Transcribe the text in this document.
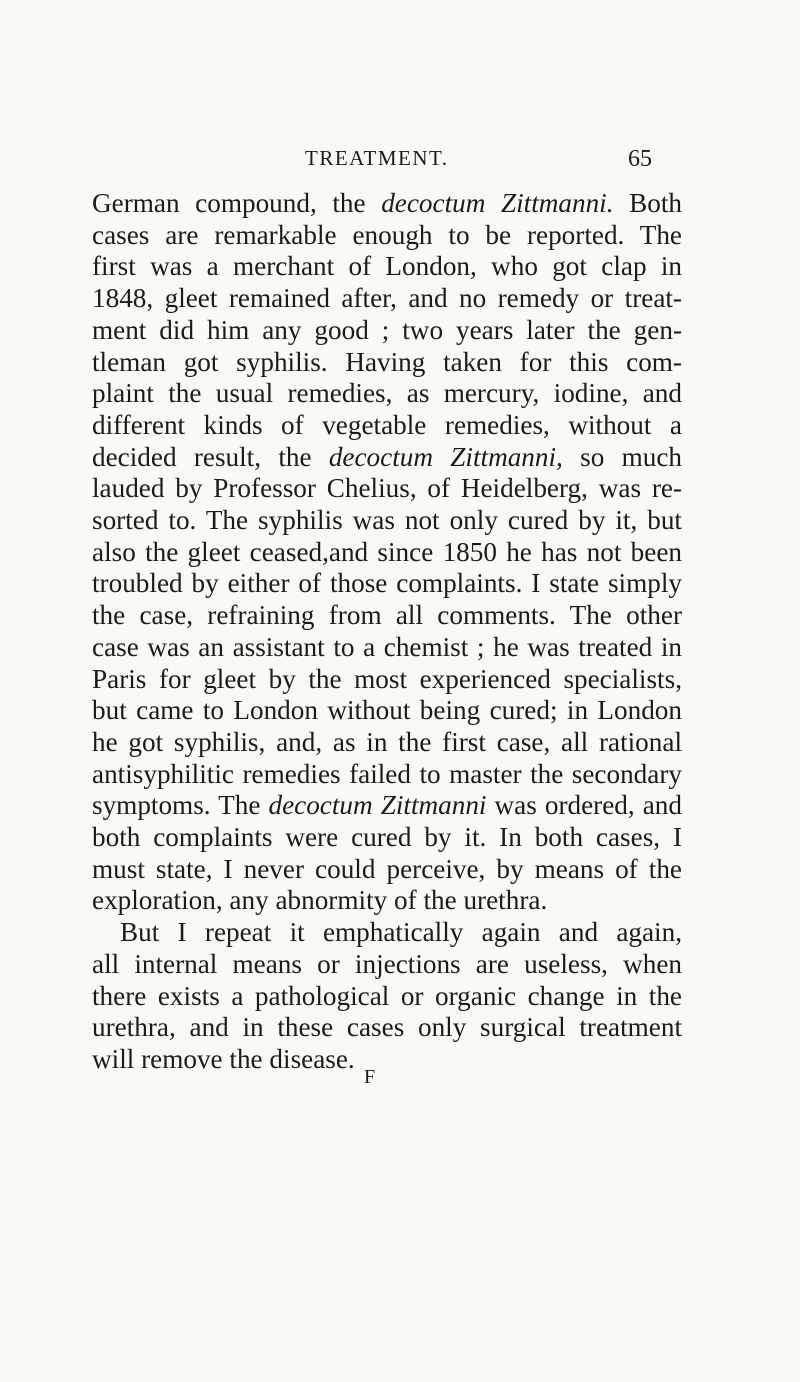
TREATMENT.	65
German compound, the decoctum Zittmanni. Both
cases are remarkable enough to be reported. The
first was a merchant of London, who got clap in
1848, gleet remained after, and no remedy or treat-
ment did him any good ; two years later the gen-
tleman got syphilis. Having taken for this com-
plaint the usual remedies, as mercury, iodine, and
different kinds of vegetable remedies, without a
decided result, the decoctum Zittmanni, so much
lauded by Professor Chelius, of Heidelberg, was re-
sorted to. The syphilis was not only cured by it, but
also the gleet ceased,and since 1850 he has not been
troubled by either of those complaints. I state simply
the case, refraining from all comments. The other
case was an assistant to a chemist ; he was treated in
Paris for gleet by the most experienced specialists,
but came to London without being cured; in London
he got syphilis, and, as in the first case, all rational
antisyphilitic remedies failed to master the secondary
symptoms. The decoctum Zittmanni was ordered, and
both complaints were cured by it. In both cases, I
must state, I never could perceive, by means of the
exploration, any abnormity of the urethra.
But I repeat it emphatically again and again,
all internal means or injections are useless, when
there exists a pathological or organic change in the
urethra, and in these cases only surgical treatment
will remove the disease.
F
